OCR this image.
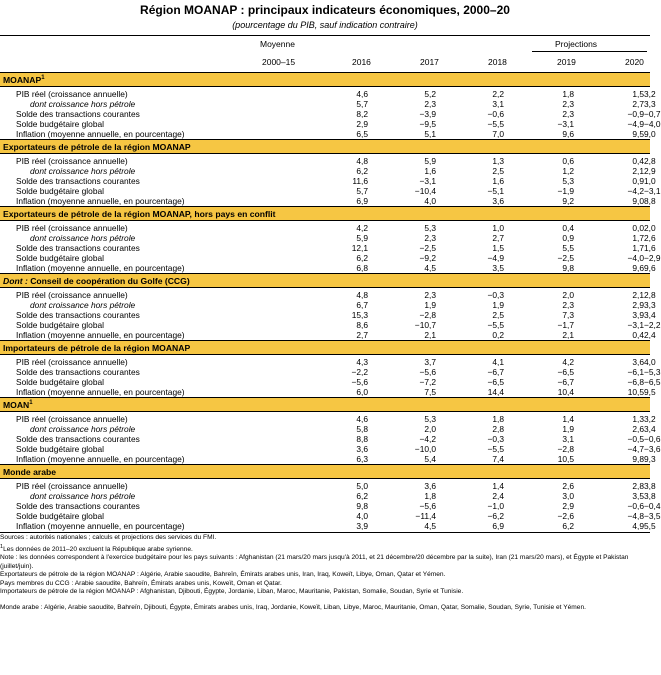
Région MOANAP : principaux indicateurs économiques, 2000–20
(pourcentage du PIB, sauf indication contraire)
Moyenne	Projections
2000–15	2016	2017	2018	2019	2020
MOANAP$^1$

PIB réel (croissance annuelle)		4,6	5,2	2,2	1,8	1,5	3,2	
dont croissance hors pétrole		5,7	2,3	3,1	2,3	2,7	3,3	
Solde des transactions courantes		8,2	−3,9	−0,6	2,3	−0,9	−0,7	
Solde budgétaire global		2,9	−9,5	−5,5	−3,1	−4,9	−4,0	
Inflation (moyenne annuelle, en pourcentage)		6,5	5,1	7,0	9,6	9,5	9,0	
Exportateurs de pétrole de la région MOANAP								

PIB réel (croissance annuelle)		4,8	5,9	1,3	0,6	0,4	2,8	
dont croissance hors pétrole		6,2	1,6	2,5	1,2	2,1	2,9	
Solde des transactions courantes		11,6	−3,1	1,6	5,3	0,9	1,0	
Solde budgétaire global		5,7	−10,4	−5,1	−1,9	−4,2	−3,1	
Inflation (moyenne annuelle, en pourcentage)		6,9	4,0	3,6	9,2	9,0	8,8	
Exportateurs de pétrole de la région MOANAP, hors pays en conflit								

PIB réel (croissance annuelle)		4,2	5,3	1,0	0,4	0,0	2,0	
dont croissance hors pétrole		5,9	2,3	2,7	0,9	1,7	2,6	
Solde des transactions courantes		12,1	−2,5	1,5	5,5	1,7	1,6	
Solde budgétaire global		6,2	−9,2	−4,9	−2,5	−4,0	−2,9	
Inflation (moyenne annuelle, en pourcentage)		6,8	4,5	3,5	9,8	9,6	9,6	
Dont : Conseil de coopération du Golfe (CCG)								

PIB réel (croissance annuelle)		4,8	2,3	−0,3	2,0	2,1	2,8	
dont croissance hors pétrole		6,7	1,9	1,9	2,3	2,9	3,3	
Solde des transactions courantes		15,3	−2,8	2,5	7,3	3,9	3,4	
Solde budgétaire global		8,6	−10,7	−5,5	−1,7	−3,1	−2,2	
Inflation (moyenne annuelle, en pourcentage)		2,7	2,1	0,2	2,1	0,4	2,4	
Importateurs de pétrole de la région MOANAP								

PIB réel (croissance annuelle)		4,3	3,7	4,1	4,2	3,6	4,0	
Solde des transactions courantes		−2,2	−5,6	−6,7	−6,5	−6,1	−5,3	
Solde budgétaire global		−5,6	−7,2	−6,5	−6,7	−6,8	−6,5	
Inflation (moyenne annuelle, en pourcentage)		6,0	7,5	14,4	10,4	10,5	9,5	
MOAN$^1$

PIB réel (croissance annuelle)		4,6	5,3	1,8	1,4	1,3	3,2	
dont croissance hors pétrole		5,8	2,0	2,8	1,9	2,6	3,4	
Solde des transactions courantes		8,8	−4,2	−0,3	3,1	−0,5	−0,6	
Solde budgétaire global		3,6	−10,0	−5,5	−2,8	−4,7	−3,6	
Inflation (moyenne annuelle, en pourcentage)		6,3	5,4	7,4	10,5	9,8	9,3	
Monde arabe								

PIB réel (croissance annuelle)		5,0	3,6	1,4	2,6	2,8	3,8	
dont croissance hors pétrole		6,2	1,8	2,4	3,0	3,5	3,8	
Solde des transactions courantes		9,8	−5,6	−1,0	2,9	−0,6	−0,4	
Solde budgétaire global		4,0	−11,4	−6,2	−2,6	−4,8	−3,5	
Inflation (moyenne annuelle, en pourcentage)		3,9	4,5	6,9	6,2	4,9	5,5	
Sources : autorités nationales ; calculs et projections des services du FMI.
$^1$Les données de 2011–20 excluent la République arabe syrienne.
Note : les données correspondent à l'exercice budgétaire pour les pays suivants : Afghanistan (21 mars/20 mars jusqu'à 2011, et 21 décembre/20 décembre par la suite), Iran (21 mars/20 mars), et Égypte et Pakistan (juillet/juin).
Exportateurs de pétrole de la région MOANAP : Algérie, Arabie saoudite, Bahreïn, Émirats arabes unis, Iran, Iraq, Koweït, Libye, Oman, Qatar et Yémen.
Pays membres du CCG : Arabie saoudite, Bahreïn, Émirats arabes unis, Koweït, Oman et Qatar.
Importateurs de pétrole de la région MOANAP : Afghanistan, Djibouti, Égypte, Jordanie, Liban, Maroc, Mauritanie, Pakistan, Somalie, Soudan, Syrie et Tunisie.
Monde arabe : Algérie, Arabie saoudite, Bahreïn, Djibouti, Égypte, Émirats arabes unis, Iraq, Jordanie, Koweït, Liban, Libye, Maroc, Mauritanie, Oman, Qatar, Somalie, Soudan, Syrie, Tunisie et Yémen.
